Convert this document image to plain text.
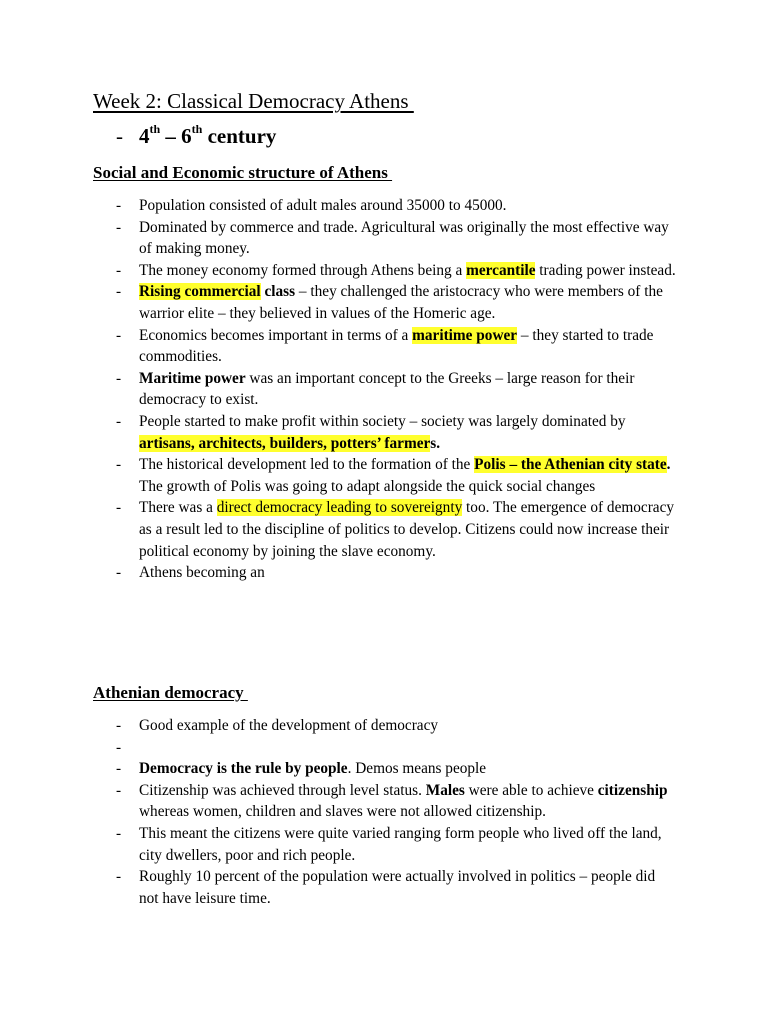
Week 2: Classical Democracy Athens
- 4th – 6th century
Social and Economic structure of Athens
- Population consisted of adult males around 35000 to 45000.
- Dominated by commerce and trade. Agricultural was originally the most effective way of making money.
- The money economy formed through Athens being a mercantile trading power instead.
- Rising commercial class – they challenged the aristocracy who were members of the warrior elite – they believed in values of the Homeric age.
- Economics becomes important in terms of a maritime power – they started to trade commodities.
- Maritime power was an important concept to the Greeks – large reason for their democracy to exist.
- People started to make profit within society – society was largely dominated by artisans, architects, builders, potters’ farmers.
- The historical development led to the formation of the Polis – the Athenian city state. The growth of Polis was going to adapt alongside the quick social changes
- There was a direct democracy leading to sovereignty too. The emergence of democracy as a result led to the discipline of politics to develop. Citizens could now increase their political economy by joining the slave economy.
- Athens becoming an
Athenian democracy
- Good example of the development of democracy
-
- Democracy is the rule by people. Demos means people
- Citizenship was achieved through level status. Males were able to achieve citizenship whereas women, children and slaves were not allowed citizenship.
- This meant the citizens were quite varied ranging form people who lived off the land, city dwellers, poor and rich people.
- Roughly 10 percent of the population were actually involved in politics – people did not have leisure time.
